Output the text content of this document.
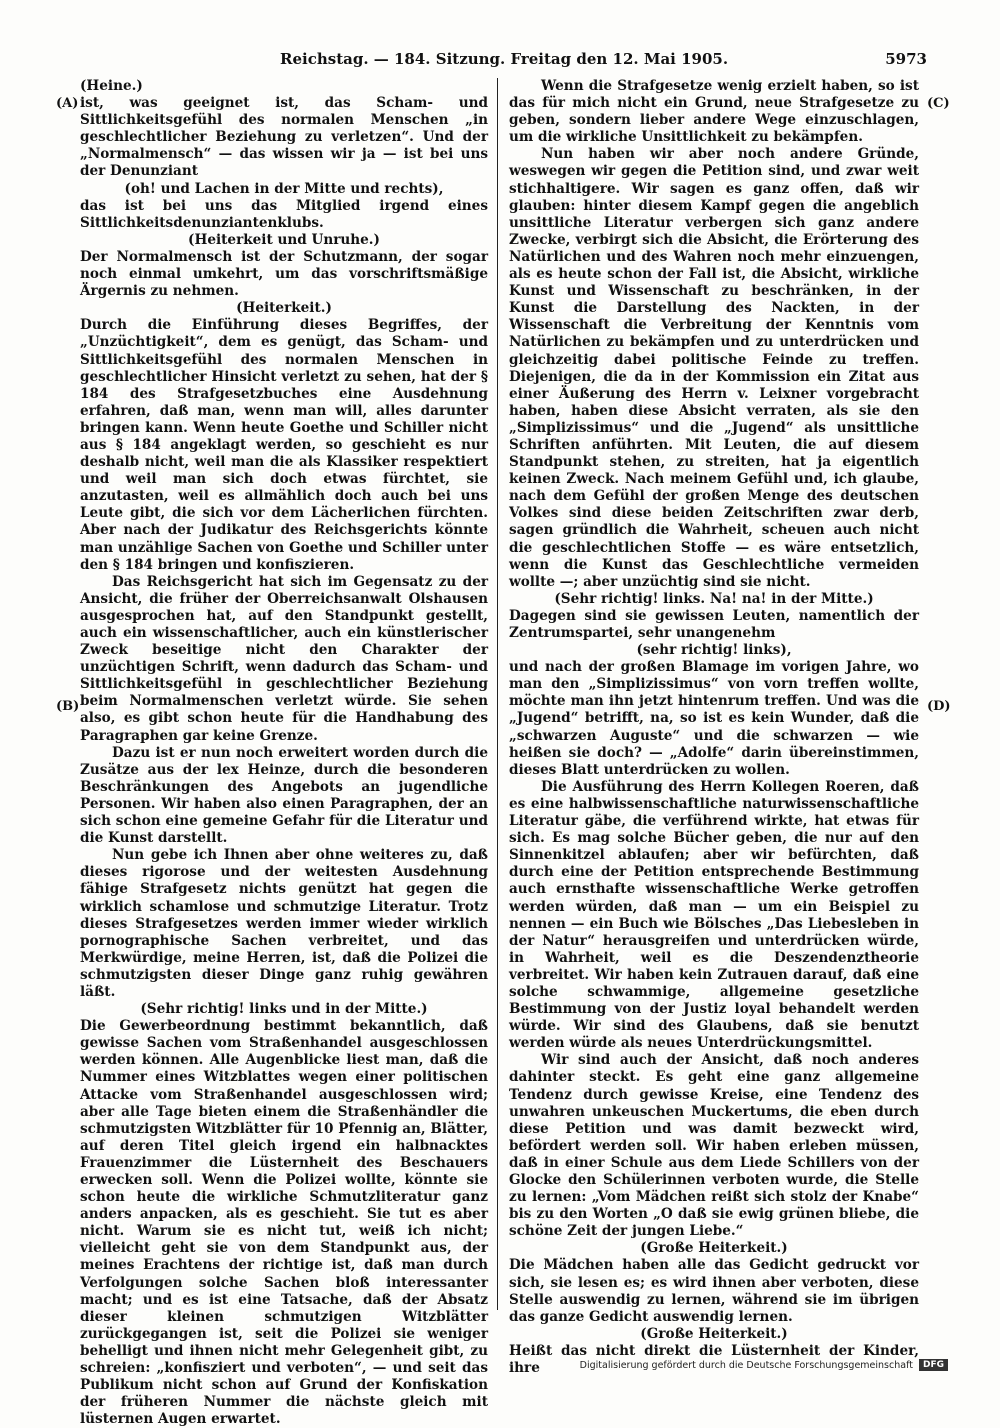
Reichstag. — 184. Sitzung. Freitag den 12. Mai 1905.	5973
(A)
(B)
(C)
(D)

(Heine.)

ist, was geeignet ist, das Scham- und Sittlichkeitsgefühl des normalen Menschen „in geschlechtlicher Beziehung zu verletzen“. Und der „Normalmensch“ — das wissen wir ja — ist bei uns der Denunziant

(oh! und Lachen in der Mitte und rechts),

das ist bei uns das Mitglied irgend eines Sittlichkeitsdenunziantenklubs.

(Heiterkeit und Unruhe.)

Der Normalmensch ist der Schutzmann, der sogar noch einmal umkehrt, um das vorschriftsmäßige Ärgernis zu nehmen.

(Heiterkeit.)

Durch die Einführung dieses Begriffes, der „Unzüchtigkeit“, dem es genügt, das Scham- und Sittlichkeitsgefühl des normalen Menschen in geschlechtlicher Hinsicht verletzt zu sehen, hat der § 184 des Strafgesetzbuches eine Ausdehnung erfahren, daß man, wenn man will, alles darunter bringen kann. Wenn heute Goethe und Schiller nicht aus § 184 angeklagt werden, so geschieht es nur deshalb nicht, weil man die als Klassiker respektiert und weil man sich doch etwas fürchtet, sie anzutasten, weil es allmählich doch auch bei uns Leute gibt, die sich vor dem Lächerlichen fürchten. Aber nach der Judikatur des Reichsgerichts könnte man unzählige Sachen von Goethe und Schiller unter den § 184 bringen und konfiszieren.

Das Reichsgericht hat sich im Gegensatz zu der Ansicht, die früher der Oberreichsanwalt Olshausen ausgesprochen hat, auf den Standpunkt gestellt, auch ein wissenschaftlicher, auch ein künstlerischer Zweck beseitige nicht den Charakter der unzüchtigen Schrift, wenn dadurch das Scham- und Sittlichkeitsgefühl in geschlechtlicher Beziehung beim Normalmenschen verletzt würde. Sie sehen also, es gibt schon heute für die Handhabung des Paragraphen gar keine Grenze.

Dazu ist er nun noch erweitert worden durch die Zusätze aus der lex Heinze, durch die besonderen Beschränkungen des Angebots an jugendliche Personen. Wir haben also einen Paragraphen, der an sich schon eine gemeine Gefahr für die Literatur und die Kunst darstellt.

Nun gebe ich Ihnen aber ohne weiteres zu, daß dieses rigorose und der weitesten Ausdehnung fähige Strafgesetz nichts genützt hat gegen die wirklich schamlose und schmutzige Literatur. Trotz dieses Strafgesetzes werden immer wieder wirklich pornographische Sachen verbreitet, und das Merkwürdige, meine Herren, ist, daß die Polizei die schmutzigsten dieser Dinge ganz ruhig gewähren läßt.

(Sehr richtig! links und in der Mitte.)

Die Gewerbeordnung bestimmt bekanntlich, daß gewisse Sachen vom Straßenhandel ausgeschlossen werden können. Alle Augenblicke liest man, daß die Nummer eines Witzblattes wegen einer politischen Attacke vom Straßenhandel ausgeschlossen wird; aber alle Tage bieten einem die Straßenhändler die schmutzigsten Witzblätter für 10 Pfennig an, Blätter, auf deren Titel gleich irgend ein halbnacktes Frauenzimmer die Lüsternheit des Beschauers erwecken soll. Wenn die Polizei wollte, könnte sie schon heute die wirkliche Schmutzliteratur ganz anders anpacken, als es geschieht. Sie tut es aber nicht. Warum sie es nicht tut, weiß ich nicht; vielleicht geht sie von dem Standpunkt aus, der meines Erachtens der richtige ist, daß man durch Verfolgungen solche Sachen bloß interessanter macht; und es ist eine Tatsache, daß der Absatz dieser kleinen schmutzigen Witzblätter zurückgegangen ist, seit die Polizei sie weniger behelligt und ihnen nicht mehr Gelegenheit gibt, zu schreien: „konfisziert und verboten“, — und seit das Publikum nicht schon auf Grund der Konfiskation der früheren Nummer die nächste gleich mit lüsternen Augen erwartet.

Wenn die Strafgesetze wenig erzielt haben, so ist das für mich nicht ein Grund, neue Strafgesetze zu geben, sondern lieber andere Wege einzuschlagen, um die wirkliche Unsittlichkeit zu bekämpfen.

Nun haben wir aber noch andere Gründe, weswegen wir gegen die Petition sind, und zwar weit stichhaltigere. Wir sagen es ganz offen, daß wir glauben: hinter diesem Kampf gegen die angeblich unsittliche Literatur verbergen sich ganz andere Zwecke, verbirgt sich die Absicht, die Erörterung des Natürlichen und des Wahren noch mehr einzuengen, als es heute schon der Fall ist, die Absicht, wirkliche Kunst und Wissenschaft zu beschränken, in der Kunst die Darstellung des Nackten, in der Wissenschaft die Verbreitung der Kenntnis vom Natürlichen zu bekämpfen und zu unterdrücken und gleichzeitig dabei politische Feinde zu treffen. Diejenigen, die da in der Kommission ein Zitat aus einer Äußerung des Herrn v. Leixner vorgebracht haben, haben diese Absicht verraten, als sie den „Simplizissimus“ und die „Jugend“ als unsittliche Schriften anführten. Mit Leuten, die auf diesem Standpunkt stehen, zu streiten, hat ja eigentlich keinen Zweck. Nach meinem Gefühl und, ich glaube, nach dem Gefühl der großen Menge des deutschen Volkes sind diese beiden Zeitschriften zwar derb, sagen gründlich die Wahrheit, scheuen auch nicht die geschlechtlichen Stoffe — es wäre entsetzlich, wenn die Kunst das Geschlechtliche vermeiden wollte —; aber unzüchtig sind sie nicht.

(Sehr richtig! links. Na! na! in der Mitte.)

Dagegen sind sie gewissen Leuten, namentlich der Zentrumspartei, sehr unangenehm

(sehr richtig! links),

und nach der großen Blamage im vorigen Jahre, wo man den „Simplizissimus“ von vorn treffen wollte, möchte man ihn jetzt hintenrum treffen. Und was die „Jugend“ betrifft, na, so ist es kein Wunder, daß die „schwarzen Auguste“ und die schwarzen — wie heißen sie doch? — „Adolfe“ darin übereinstimmen, dieses Blatt unterdrücken zu wollen.

Die Ausführung des Herrn Kollegen Roeren, daß es eine halbwissenschaftliche naturwissenschaftliche Literatur gäbe, die verführend wirkte, hat etwas für sich. Es mag solche Bücher geben, die nur auf den Sinnenkitzel ablaufen; aber wir befürchten, daß durch eine der Petition entsprechende Bestimmung auch ernsthafte wissenschaftliche Werke getroffen werden würden, daß man — um ein Beispiel zu nennen — ein Buch wie Bölsches „Das Liebesleben in der Natur“ herausgreifen und unterdrücken würde, in Wahrheit, weil es die Deszendenztheorie verbreitet. Wir haben kein Zutrauen darauf, daß eine solche schwammige, allgemeine gesetzliche Bestimmung von der Justiz loyal behandelt werden würde. Wir sind des Glaubens, daß sie benutzt werden würde als neues Unterdrückungsmittel.

Wir sind auch der Ansicht, daß noch anderes dahinter steckt. Es geht eine ganz allgemeine Tendenz durch gewisse Kreise, eine Tendenz des unwahren unkeuschen Muckertums, die eben durch diese Petition und was damit bezweckt wird, befördert werden soll. Wir haben erleben müssen, daß in einer Schule aus dem Liede Schillers von der Glocke den Schülerinnen verboten wurde, die Stelle zu lernen: „Vom Mädchen reißt sich stolz der Knabe“ bis zu den Worten „O daß sie ewig grünen bliebe, die schöne Zeit der jungen Liebe.“

(Große Heiterkeit.)

Die Mädchen haben alle das Gedicht gedruckt vor sich, sie lesen es; es wird ihnen aber verboten, diese Stelle auswendig zu lernen, während sie im übrigen das ganze Gedicht auswendig lernen.

(Große Heiterkeit.)

Heißt das nicht direkt die Lüsternheit der Kinder, ihre	Digitalisierung gefördert durch die Deutsche Forschungsgemeinschaft	DFG
